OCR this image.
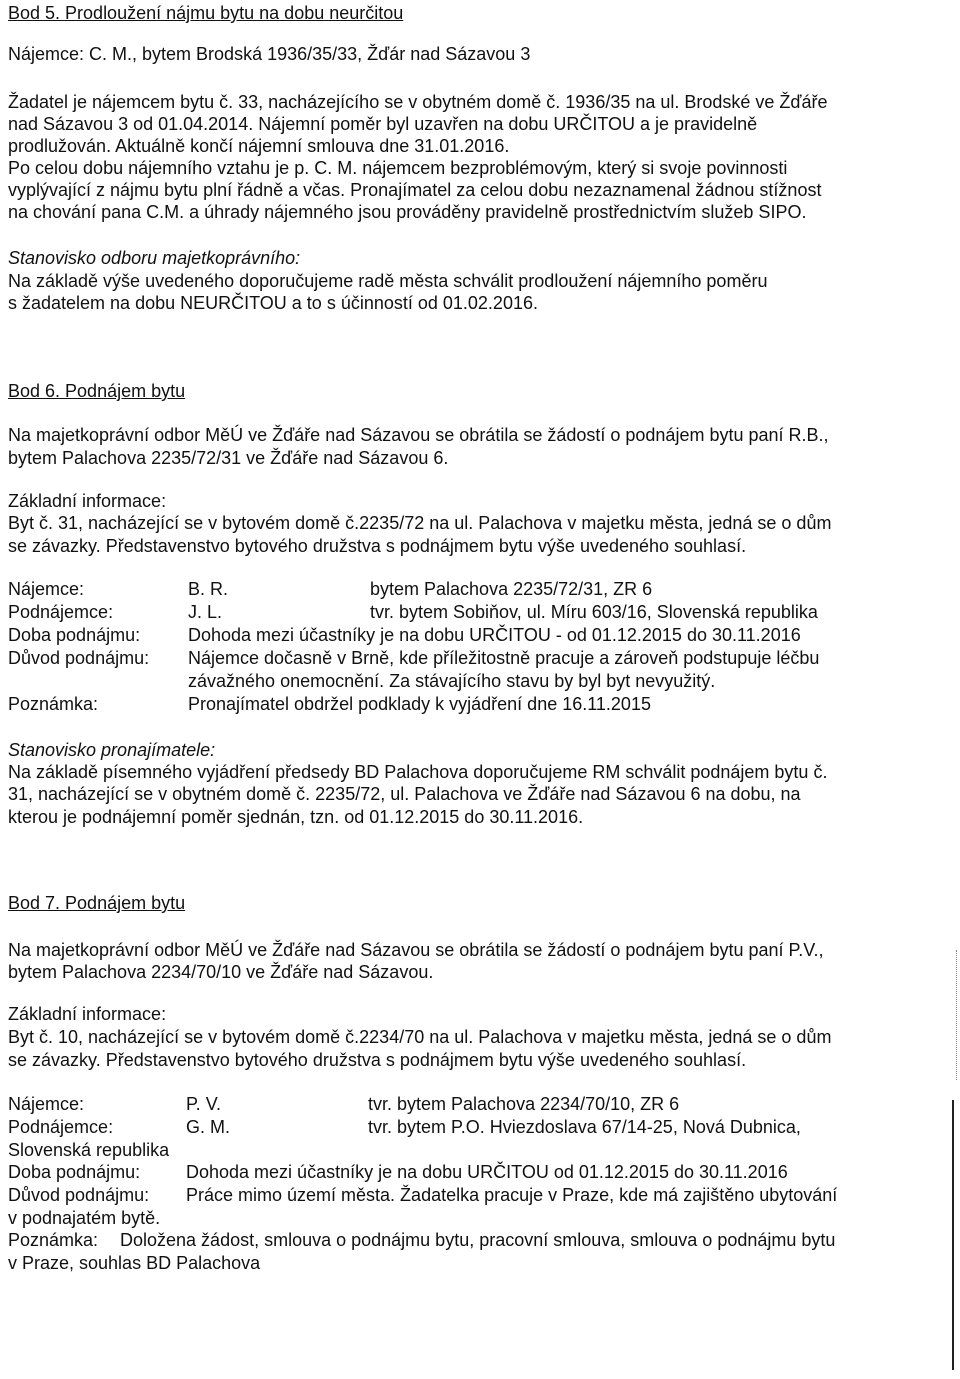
Bod 5. Prodloužení nájmu bytu na dobu neurčitou
Nájemce: C. M., bytem Brodská 1936/35/33, Žďár nad Sázavou 3
Žadatel je nájemcem bytu č. 33, nacházejícího se v obytném domě č. 1936/35 na ul. Brodské ve Žďáře
nad Sázavou 3 od 01.04.2014. Nájemní poměr byl uzavřen na dobu URČITOU a je pravidelně
prodlužován. Aktuálně končí nájemní smlouva dne 31.01.2016.
Po celou dobu nájemního vztahu je p. C. M. nájemcem bezproblémovým, který si svoje povinnosti
vyplývající z nájmu bytu plní řádně a včas. Pronajímatel za celou dobu nezaznamenal žádnou stížnost
na chování pana C.M. a úhrady nájemného jsou prováděny pravidelně prostřednictvím služeb SIPO.
Stanovisko odboru majetkoprávního:
Na základě výše uvedeného doporučujeme radě města schválit prodloužení nájemního poměru
s žadatelem na dobu NEURČITOU a to s účinností od 01.02.2016.
Bod 6. Podnájem bytu
Na majetkoprávní odbor MěÚ ve Žďáře nad Sázavou se obrátila se žádostí o podnájem bytu paní R.B.,
bytem Palachova 2235/72/31 ve Žďáře nad Sázavou 6.
Základní informace:
Byt č. 31, nacházející se v bytovém domě č.2235/72 na ul. Palachova v majetku města, jedná se o dům
se závazky. Představenstvo bytového družstva s podnájmem bytu výše uvedeného souhlasí.
Nájemce:	B. R.	bytem Palachova 2235/72/31, ZR 6
Podnájemce:	J. L.	tvr. bytem Sobiňov, ul. Míru 603/16, Slovenská republika
Doba podnájmu:	Dohoda mezi účastníky je na dobu URČITOU - od 01.12.2015 do 30.11.2016
Důvod podnájmu: Nájemce dočasně v Brně, kde příležitostně pracuje a zároveň podstupuje léčbu
závažného onemocnění. Za stávajícího stavu by byl byt nevyužitý.
Poznámka:	Pronajímatel obdržel podklady k vyjádření dne 16.11.2015
Stanovisko pronajímatele:
Na základě písemného vyjádření předsedy BD Palachova doporučujeme RM schválit podnájem bytu č.
31, nacházející se v obytném domě č. 2235/72, ul. Palachova ve Žďáře nad Sázavou 6 na dobu, na
kterou je podnájemní poměr sjednán, tzn. od 01.12.2015 do 30.11.2016.
Bod 7. Podnájem bytu
Na majetkoprávní odbor MěÚ ve Žďáře nad Sázavou se obrátila se žádostí o podnájem bytu paní P.V.,
bytem Palachova 2234/70/10 ve Žďáře nad Sázavou.
Základní informace:
Byt č. 10, nacházející se v bytovém domě č.2234/70 na ul. Palachova v majetku města, jedná se o dům
se závazky. Představenstvo bytového družstva s podnájmem bytu výše uvedeného souhlasí.
Nájemce:	P. V.	tvr. bytem Palachova 2234/70/10, ZR 6
Podnájemce:	G. M.	tvr. bytem P.O. Hviezdoslava 67/14-25, Nová Dubnica,
Slovenská republika
Doba podnájmu:	Dohoda mezi účastníky je na dobu URČITOU od 01.12.2015 do 30.11.2016
Důvod podnájmu: Práce mimo území města. Žadatelka pracuje v Praze, kde má zajištěno ubytování
v podnajatém bytě.
Poznámka: Doložena žádost, smlouva o podnájmu bytu, pracovní smlouva, smlouva o podnájmu bytu
v Praze, souhlas BD Palachova
